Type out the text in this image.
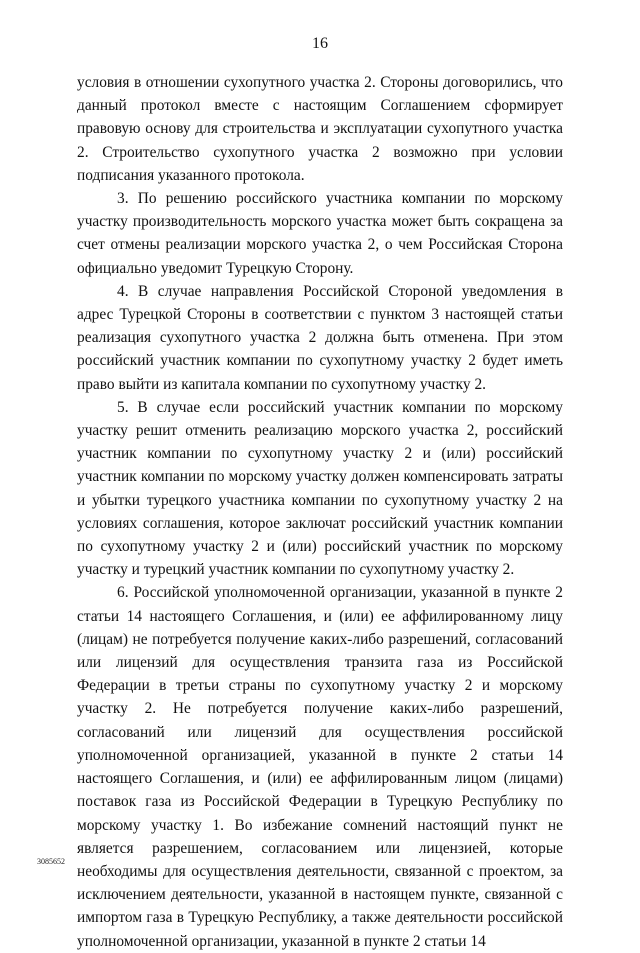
16

условия в отношении сухопутного участка 2. Стороны договорились, что данный протокол вместе с настоящим Соглашением сформирует правовую основу для строительства и эксплуатации сухопутного участка 2. Строительство сухопутного участка 2 возможно при условии подписания указанного протокола.

3. По решению российского участника компании по морскому участку производительность морского участка может быть сокращена за счет отмены реализации морского участка 2, о чем Российская Сторона официально уведомит Турецкую Сторону.

4. В случае направления Российской Стороной уведомления в адрес Турецкой Стороны в соответствии с пунктом 3 настоящей статьи реализация сухопутного участка 2 должна быть отменена. При этом российский участник компании по сухопутному участку 2 будет иметь право выйти из капитала компании по сухопутному участку 2.

5. В случае если российский участник компании по морскому участку решит отменить реализацию морского участка 2, российский участник компании по сухопутному участку 2 и (или) российский участник компании по морскому участку должен компенсировать затраты и убытки турецкого участника компании по сухопутному участку 2 на условиях соглашения, которое заключат российский участник компании по сухопутному участку 2 и (или) российский участник по морскому участку и турецкий участник компании по сухопутному участку 2.

6. Российской уполномоченной организации, указанной в пункте 2 статьи 14 настоящего Соглашения, и (или) ее аффилированному лицу (лицам) не потребуется получение каких-либо разрешений, согласований или лицензий для осуществления транзита газа из Российской Федерации в третьи страны по сухопутному участку 2 и морскому участку 2. Не потребуется получение каких-либо разрешений, согласований или лицензий для осуществления российской уполномоченной организацией, указанной в пункте 2 статьи 14 настоящего Соглашения, и (или) ее аффилированным лицом (лицами) поставок газа из Российской Федерации в Турецкую Республику по морскому участку 1. Во избежание сомнений настоящий пункт не является разрешением, согласованием или лицензией, которые необходимы для осуществления деятельности, связанной с проектом, за исключением деятельности, указанной в настоящем пункте, связанной с импортом газа в Турецкую Республику, а также деятельности российской уполномоченной организации, указанной в пункте 2 статьи 14

3085652
